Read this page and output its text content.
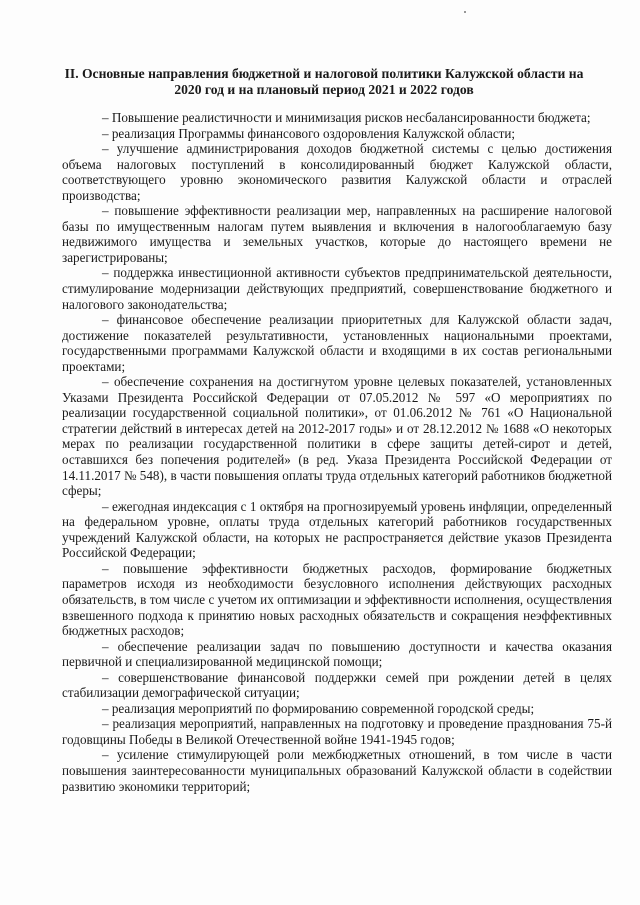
II. Основные направления бюджетной и налоговой политики Калужской области на 2020 год и на плановый период 2021 и 2022 годов

– Повышение реалистичности и минимизация рисков несбалансированности бюджета;

– реализация Программы финансового оздоровления Калужской области;

– улучшение администрирования доходов бюджетной системы с целью достижения объема налоговых поступлений в консолидированный бюджет Калужской области, соответствующего уровню экономического развития Калужской области и отраслей производства;

– повышение эффективности реализации мер, направленных на расширение налоговой базы по имущественным налогам путем выявления и включения в налогооблагаемую базу недвижимого имущества и земельных участков, которые до настоящего времени не зарегистрированы;

– поддержка инвестиционной активности субъектов предпринимательской деятельности, стимулирование модернизации действующих предприятий, совершенствование бюджетного и налогового законодательства;

– финансовое обеспечение реализации приоритетных для Калужской области задач, достижение показателей результативности, установленных национальными проектами, государственными программами Калужской области и входящими в их состав региональными проектами;

– обеспечение сохранения на достигнутом уровне целевых показателей, установленных Указами Президента Российской Федерации от 07.05.2012 № 597 «О мероприятиях по реализации государственной социальной политики», от 01.06.2012 № 761 «О Национальной стратегии действий в интересах детей на 2012-2017 годы» и от 28.12.2012 № 1688 «О некоторых мерах по реализации государственной политики в сфере защиты детей-сирот и детей, оставшихся без попечения родителей» (в ред. Указа Президента Российской Федерации от 14.11.2017 № 548), в части повышения оплаты труда отдельных категорий работников бюджетной сферы;

– ежегодная индексация с 1 октября на прогнозируемый уровень инфляции, определенный на федеральном уровне, оплаты труда отдельных категорий работников государственных учреждений Калужской области, на которых не распространяется действие указов Президента Российской Федерации;

– повышение эффективности бюджетных расходов, формирование бюджетных параметров исходя из необходимости безусловного исполнения действующих расходных обязательств, в том числе с учетом их оптимизации и эффективности исполнения, осуществления взвешенного подхода к принятию новых расходных обязательств и сокращения неэффективных бюджетных расходов;

– обеспечение реализации задач по повышению доступности и качества оказания первичной и специализированной медицинской помощи;

– совершенствование финансовой поддержки семей при рождении детей в целях стабилизации демографической ситуации;

– реализация мероприятий по формированию современной городской среды;

– реализация мероприятий, направленных на подготовку и проведение празднования 75-й годовщины Победы в Великой Отечественной войне 1941-1945 годов;

– усиление стимулирующей роли межбюджетных отношений, в том числе в части повышения заинтересованности муниципальных образований Калужской области в содействии развитию экономики территорий;
